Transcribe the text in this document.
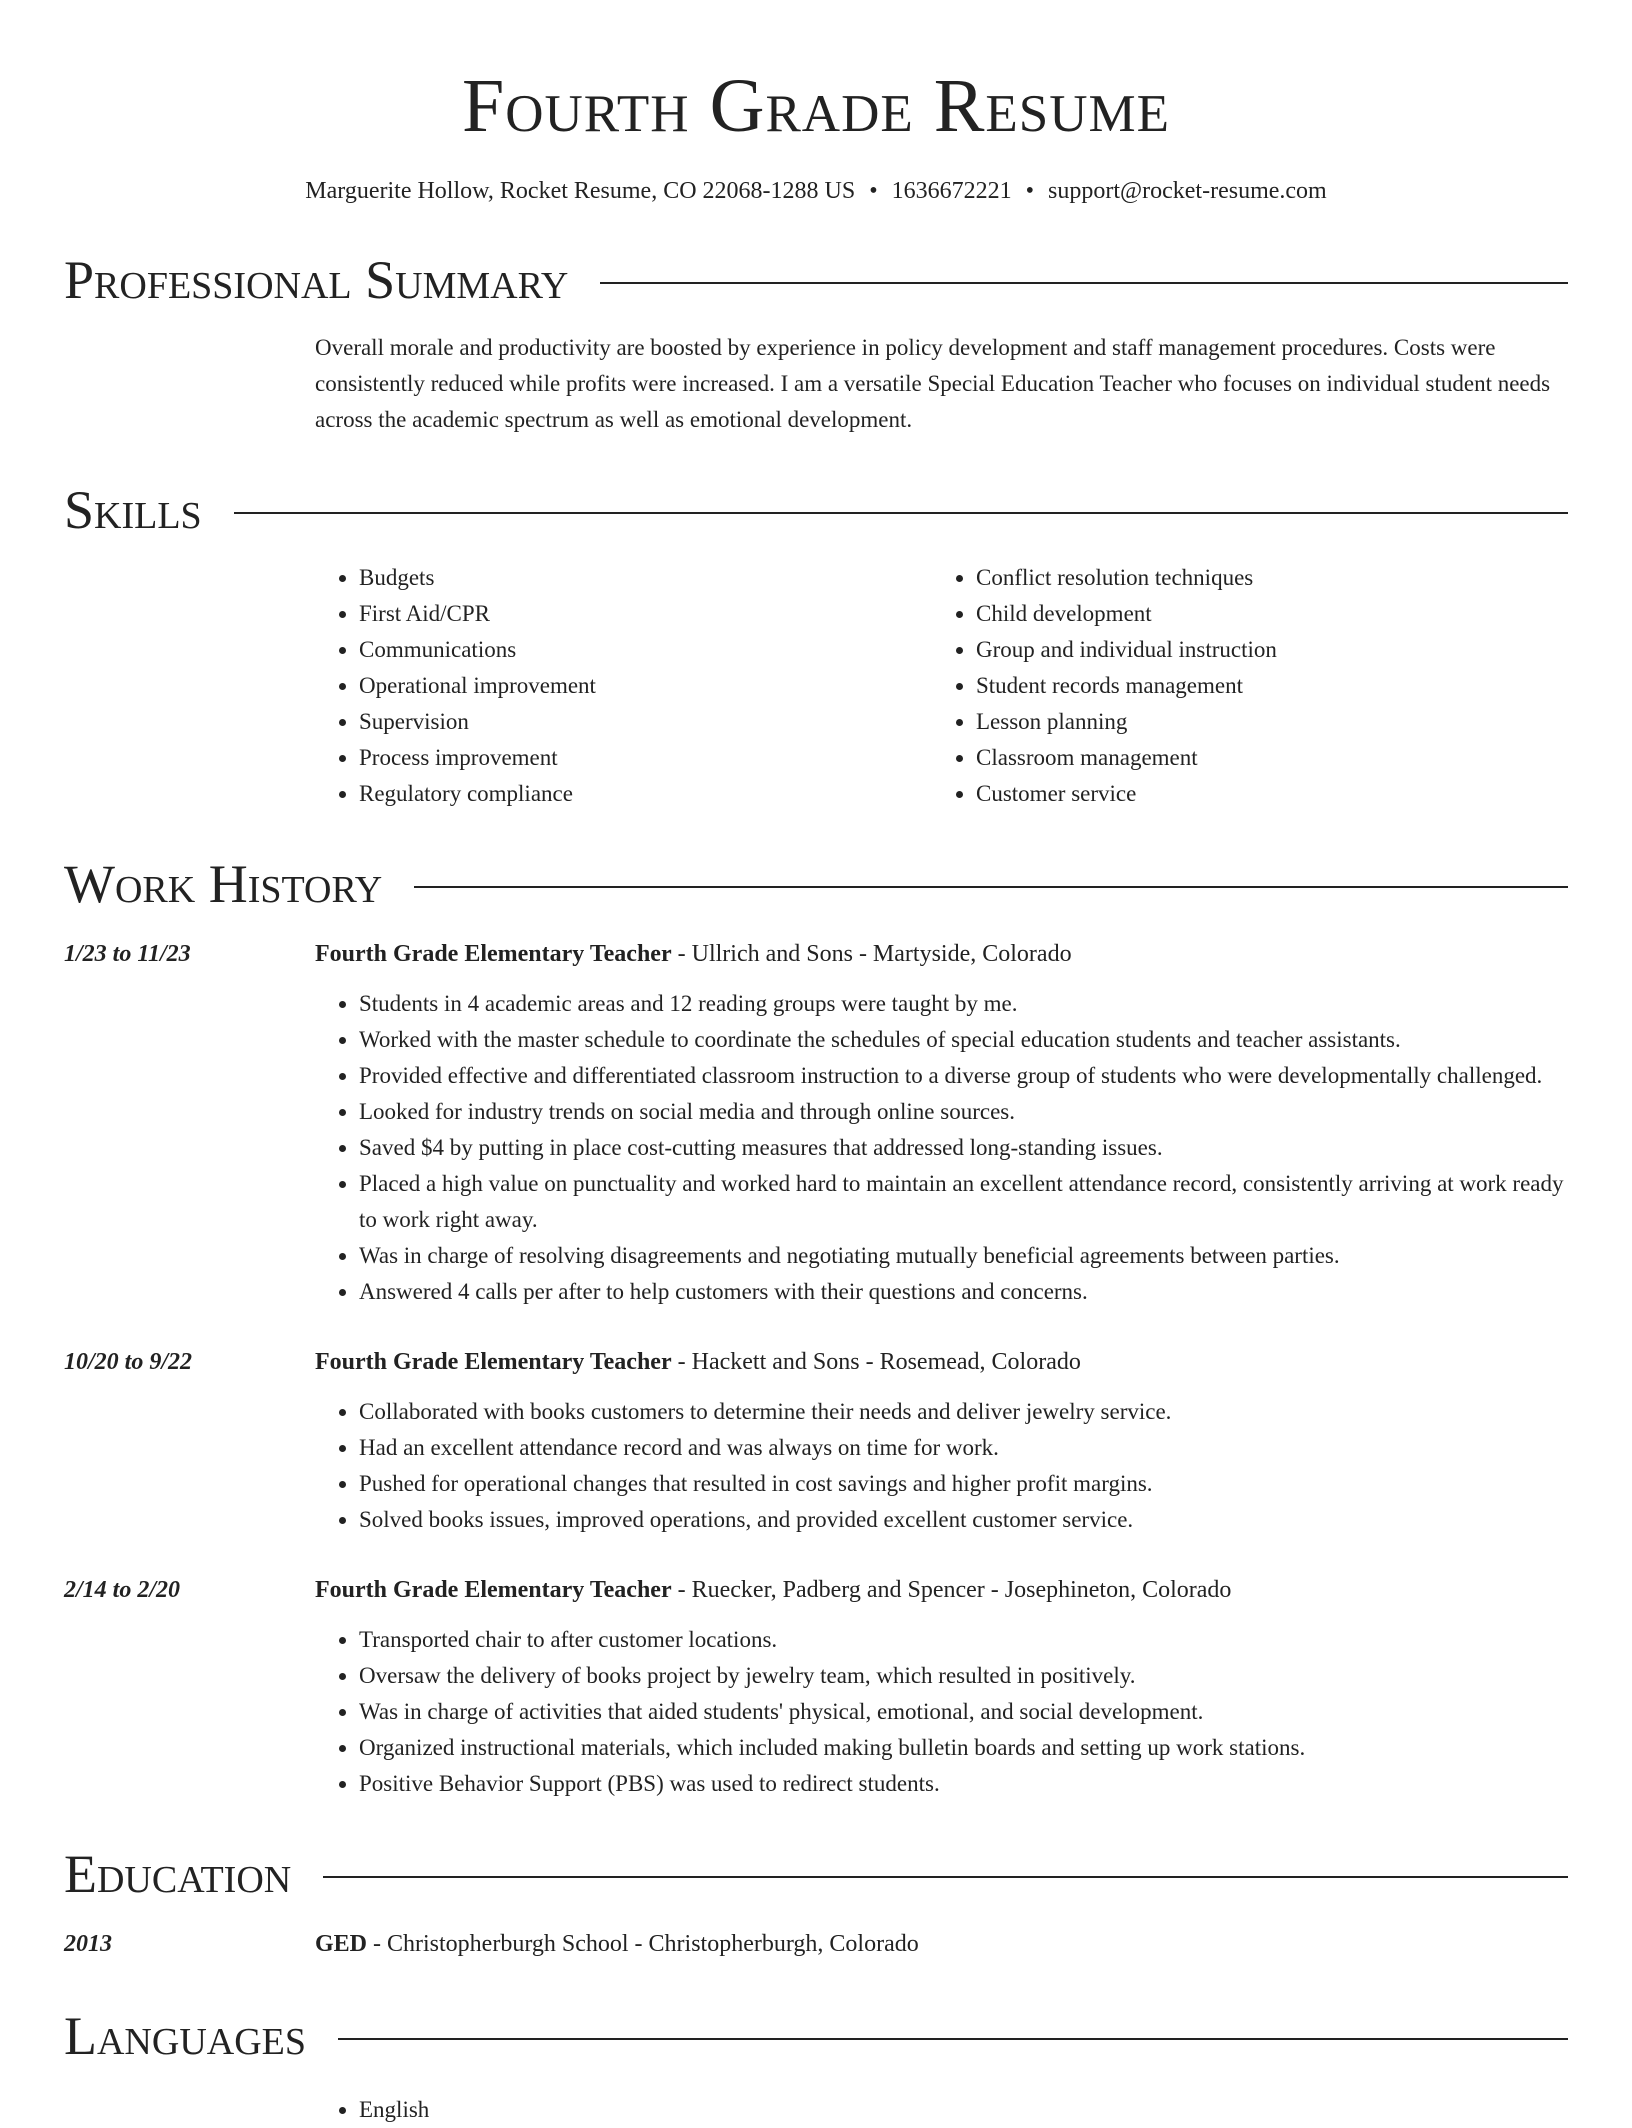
Fourth Grade Resume
Marguerite Hollow, Rocket Resume, CO 22068-1288 US • 1636672221 • support@rocket-resume.com
Professional Summary
Overall morale and productivity are boosted by experience in policy development and staff management procedures. Costs were consistently reduced while profits were increased. I am a versatile Special Education Teacher who focuses on individual student needs across the academic spectrum as well as emotional development.
Skills
• Budgets
• First Aid/CPR
• Communications
• Operational improvement
• Supervision
• Process improvement
• Regulatory compliance
• Conflict resolution techniques
• Child development
• Group and individual instruction
• Student records management
• Lesson planning
• Classroom management
• Customer service
Work History
1/23 to 11/23	Fourth Grade Elementary Teacher - Ullrich and Sons - Martyside, Colorado
• Students in 4 academic areas and 12 reading groups were taught by me.
• Worked with the master schedule to coordinate the schedules of special education students and teacher assistants.
• Provided effective and differentiated classroom instruction to a diverse group of students who were developmentally challenged.
• Looked for industry trends on social media and through online sources.
• Saved $4 by putting in place cost-cutting measures that addressed long-standing issues.
• Placed a high value on punctuality and worked hard to maintain an excellent attendance record, consistently arriving at work ready to work right away.
• Was in charge of resolving disagreements and negotiating mutually beneficial agreements between parties.
• Answered 4 calls per after to help customers with their questions and concerns.
10/20 to 9/22	Fourth Grade Elementary Teacher - Hackett and Sons - Rosemead, Colorado
• Collaborated with books customers to determine their needs and deliver jewelry service.
• Had an excellent attendance record and was always on time for work.
• Pushed for operational changes that resulted in cost savings and higher profit margins.
• Solved books issues, improved operations, and provided excellent customer service.
2/14 to 2/20	Fourth Grade Elementary Teacher - Ruecker, Padberg and Spencer - Josephineton, Colorado
• Transported chair to after customer locations.
• Oversaw the delivery of books project by jewelry team, which resulted in positively.
• Was in charge of activities that aided students' physical, emotional, and social development.
• Organized instructional materials, which included making bulletin boards and setting up work stations.
• Positive Behavior Support (PBS) was used to redirect students.
Education
2013	GED - Christopherburgh School - Christopherburgh, Colorado
Languages
• English
